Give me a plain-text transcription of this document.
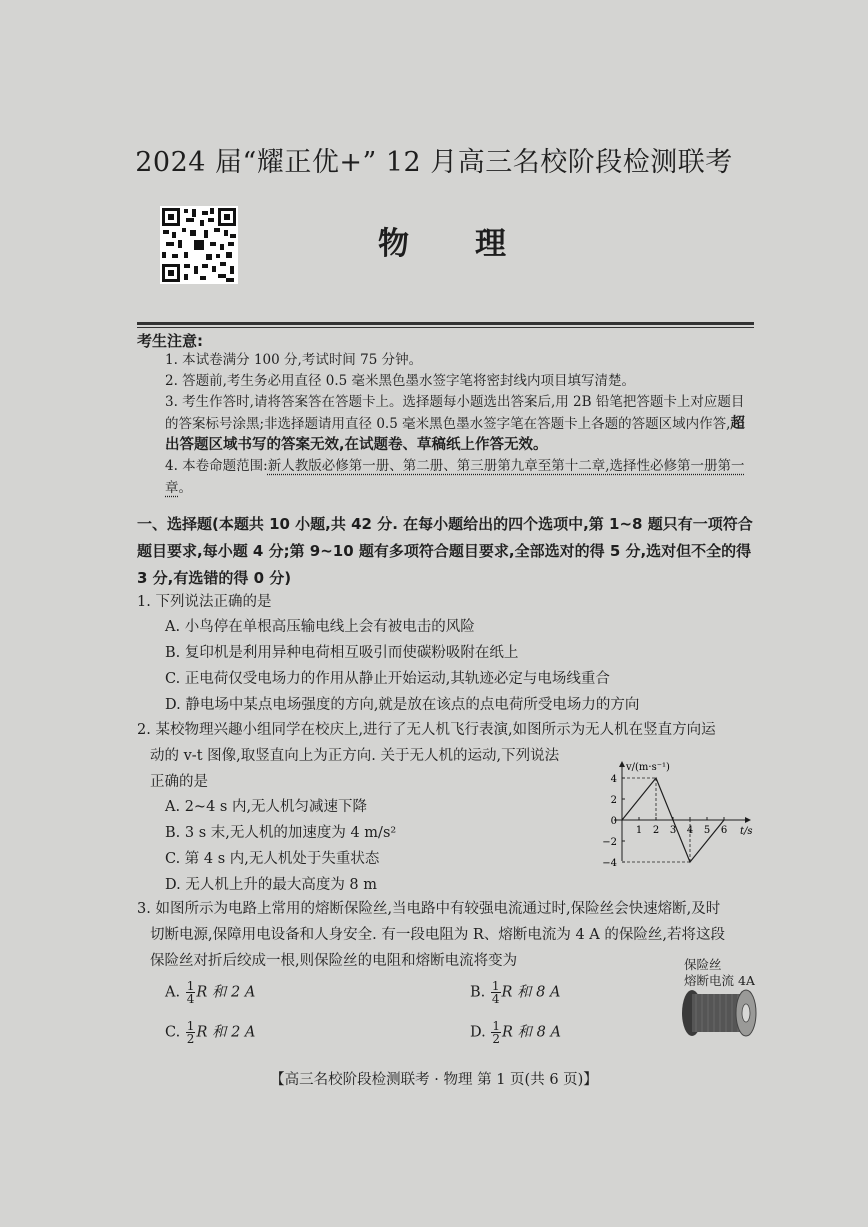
2024 届“耀正优+” 12 月高三名校阶段检测联考
物理
考生注意:
1. 本试卷满分 100 分,考试时间 75 分钟。
2. 答题前,考生务必用直径 0.5 毫米黑色墨水签字笔将密封线内项目填写清楚。
3. 考生作答时,请将答案答在答题卡上。选择题每小题选出答案后,用 2B 铅笔把答题卡上对应题目的答案标号涂黑;非选择题请用直径 0.5 毫米黑色墨水签字笔在答题卡上各题的答题区域内作答,超出答题区域书写的答案无效,在试题卷、草稿纸上作答无效。
4. 本卷命题范围:新人教版必修第一册、第二册、第三册第九章至第十二章,选择性必修第一册第一章。
一、选择题(本题共 10 小题,共 42 分. 在每小题给出的四个选项中,第 1~8 题只有一项符合题目要求,每小题 4 分;第 9~10 题有多项符合题目要求,全部选对的得 5 分,选对但不全的得 3 分,有选错的得 0 分)
1. 下列说法正确的是
A. 小鸟停在单根高压输电线上会有被电击的风险
B. 复印机是利用异种电荷相互吸引而使碳粉吸附在纸上
C. 正电荷仅受电场力的作用从静止开始运动,其轨迹必定与电场线重合
D. 静电场中某点电场强度的方向,就是放在该点的点电荷所受电场力的方向
2. 某校物理兴趣小组同学在校庆上,进行了无人机飞行表演,如图所示为无人机在竖直方向运
动的 v-t 图像,取竖直向上为正方向. 关于无人机的运动,下列说法
正确的是
A. 2~4 s 内,无人机匀减速下降
B. 3 s 末,无人机的加速度为 4 m/s²
C. 第 4 s 内,无人机处于失重状态
D. 无人机上升的最大高度为 8 m
v/(m·s⁻¹)
t/s
4
2
0
−2
−4
1 2 3 4 5 6
3. 如图所示为电路上常用的熔断保险丝,当电路中有较强电流通过时,保险丝会快速熔断,及时
切断电源,保障用电设备和人身安全. 有一段电阻为 R、熔断电流为 4 A 的保险丝,若将这段
保险丝对折后绞成一根,则保险丝的电阻和熔断电流将变为
A. $\frac{1}{4}$ R 和 2 A	B. $\frac{1}{4}$ R 和 8 A
C. $\frac{1}{2}$ R 和 2 A	D. $\frac{1}{2}$ R 和 8 A
保险丝
熔断电流 4A
【高三名校阶段检测联考 · 物理 第 1 页(共 6 页)】
